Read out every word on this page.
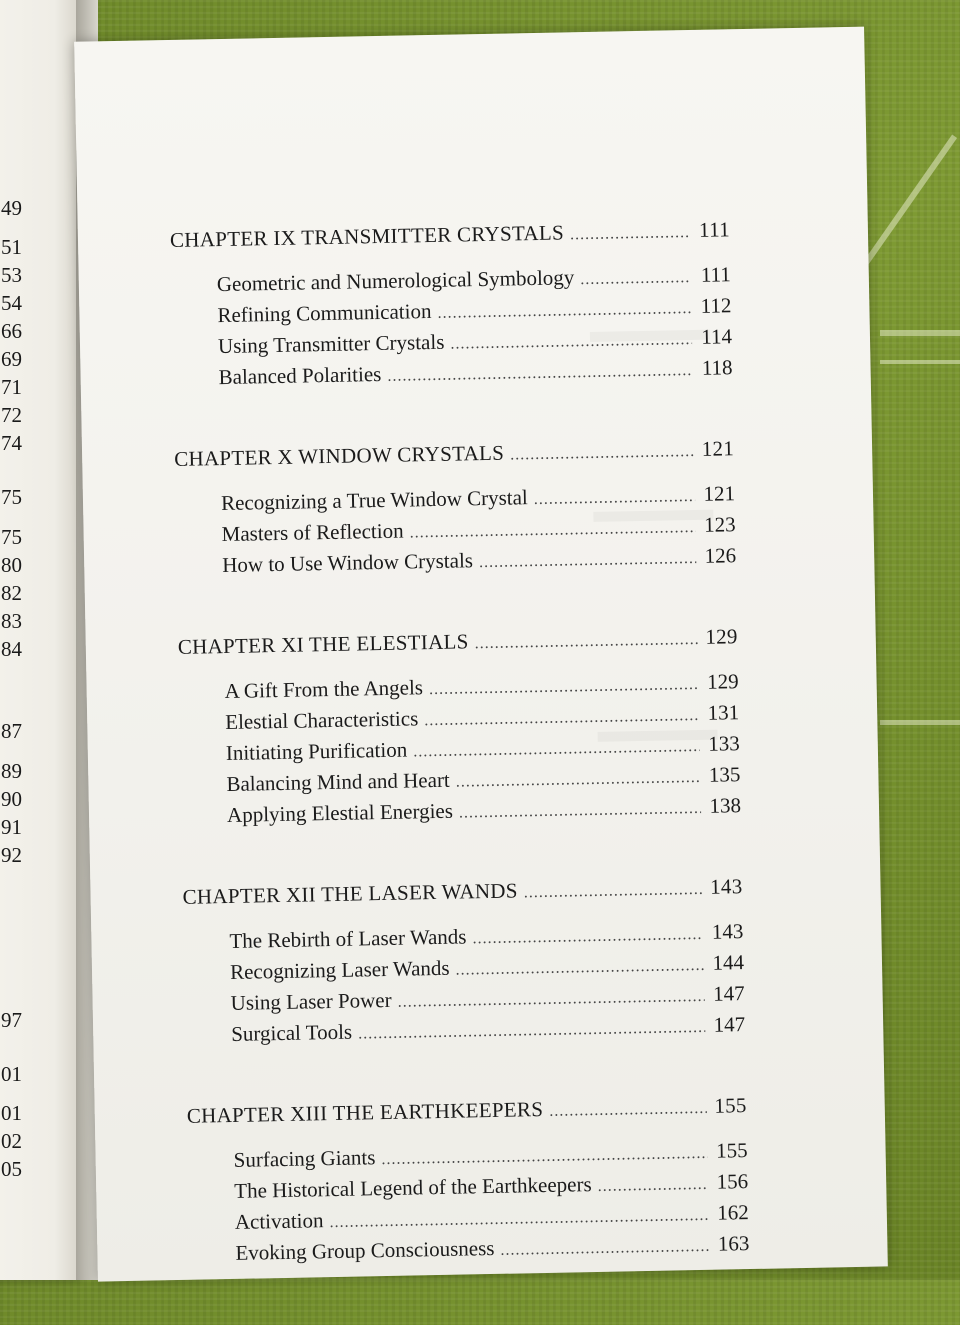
49
51
53
54
66
69
71
72
74
75
75
80
82
83
84
87
89
90
91
92
97
01
01
02
05
CHAPTER IX TRANSMITTER CRYSTALS .....	111
Geometric and Numerological Symbology .....	111
Refining Communication .....	112
Using Transmitter Crystals .....	114
Balanced Polarities .....	118
CHAPTER X WINDOW CRYSTALS .....	121
Recognizing a True Window Crystal .....	121
Masters of Reflection .....	123
How to Use Window Crystals .....	126
CHAPTER XI THE ELESTIALS .....	129
A Gift From the Angels .....	129
Elestial Characteristics .....	131
Initiating Purification .....	133
Balancing Mind and Heart .....	135
Applying Elestial Energies .....	138
CHAPTER XII THE LASER WANDS .....	143
The Rebirth of Laser Wands .....	143
Recognizing Laser Wands .....	144
Using Laser Power .....	147
Surgical Tools .....	147
CHAPTER XIII THE EARTHKEEPERS .....	155
Surfacing Giants .....	155
The Historical Legend of the Earthkeepers .....	156
Activation .....	162
Evoking Group Consciousness .....	163
